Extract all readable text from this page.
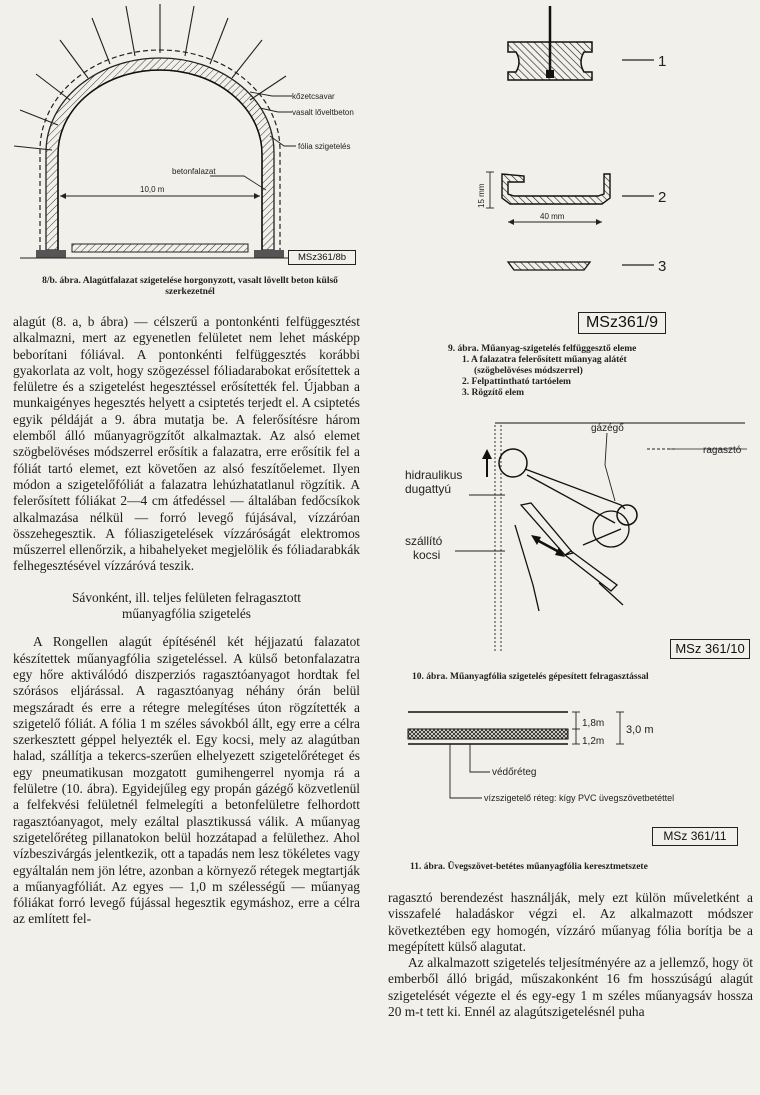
kőzetcsavar
vasalt lőveltbeton
fólia szigetelés
betonfalazat
10,0 m
MSz361/8b
8/b. ábra. Alagútfalazat szigetelése horgonyzott, vasalt lövellt beton külső szerkezetnél
1
2
3
15 mm
40 mm
MSz361/9
9. ábra. Műanyag-szigetelés felfüggesztő eleme
1. A falazatra felerősített műanyag alátét
(szögbelövéses módszerrel)
2. Felpattintható tartóelem
3. Rögzítő elem
gázégő
ragasztó
hidraulikus
dugattyú
szállító
kocsi
MSz 361/10
10. ábra. Műanyagfólia szigetelés gépesített felragasztással
1,8m
1,2m
3,0 m
védőréteg
vízszigetelő réteg: kígy PVC üvegszövetbetéttel
MSz 361/11
11. ábra. Üvegszövet-betétes műanyagfólia keresztmetszete

alagút (8. a, b ábra) — célszerű a pontonkénti felfüggesztést alkalmazni, mert az egyenetlen felületet nem lehet másképp beborítani fóliával. A pontonkénti felfüggesztés korábbi gyakorlata az volt, hogy szögezéssel fóliadarabokat erősítettek a felületre és a szigetelést hegesztéssel erősítették fel. Újabban a munkaigényes hegesztés helyett a csiptetés terjedt el. A csiptetés egyik példáját a 9. ábra mutatja be. A felerősítésre három elemből álló műanyagrögzítőt alkalmaztak. Az alsó elemet szögbelövéses módszerrel erősítik a falazatra, erre erősítik fel a fóliát tartó elemet, ezt követően az alsó feszítőelemet. Ilyen módon a szigetelőfóliát a falazatra lehúzhatatlanul rögzítik. A felerősített fóliákat 2—4 cm átfedéssel — általában fedőcsíkok alkalmazása nélkül — forró levegő fújásával, vízzáróan összehegesztik. A fóliaszigetelések vízzáróságát elektromos műszerrel ellenőrzik, a hibahelyeket megjelölik és fóliadarabkák felhegesztésével vízzáróvá teszik.

Sávonként, ill. teljes felületen felragasztott
műanyagfólia szigetelés

A Rongellen alagút építésénél két héjjazatú falazatot készítettek műanyagfólia szigeteléssel. A külső betonfalazatra egy hőre aktiválódó diszperziós ragasztóanyagot hordtak fel szórásos eljárással. A ragasztóanyag néhány órán belül megszáradt és erre a rétegre melegítéses úton rögzítették a szigetelő fóliát. A fólia 1 m széles sávokból állt, egy erre a célra szerkesztett géppel helyezték el. Egy kocsi, mely az alagútban halad, szállítja a tekercs-szerűen elhelyezett szigetelőréteget és egy pneumatikusan mozgatott gumihengerrel nyomja rá a felületre (10. ábra). Egyidejűleg egy propán gázégő közvetlenül a felfekvési felületnél felmelegíti a betonfelületre felhordott ragasztóanyagot, mely ezáltal plasztikussá válik. A műanyag szigetelőréteg pillanatokon belül hozzátapad a felülethez. Ahol vízbeszivárgás jelentkezik, ott a tapadás nem lesz tökéletes vagy egyáltalán nem jön létre, azonban a környező rétegek megtartják a műanyagfóliát. Az egyes — 1,0 m szélességű — műanyag fóliákat forró levegő fújással hegesztik egymáshoz, erre a célra az említett fel-

ragasztó berendezést használják, mely ezt külön műveletként a visszafelé haladáskor végzi el. Az alkalmazott módszer következtében egy homogén, vízzáró műanyag fólia borítja be a megépített külső alagutat.

Az alkalmazott szigetelés teljesítményére az a jellemző, hogy öt emberből álló brigád, műszakonként 16 fm hosszúságú alagút szigetelését végezte el és egy-egy 1 m széles műanyagsáv hossza 20 m-t tett ki. Ennél az alagútszigetelésnél puha
